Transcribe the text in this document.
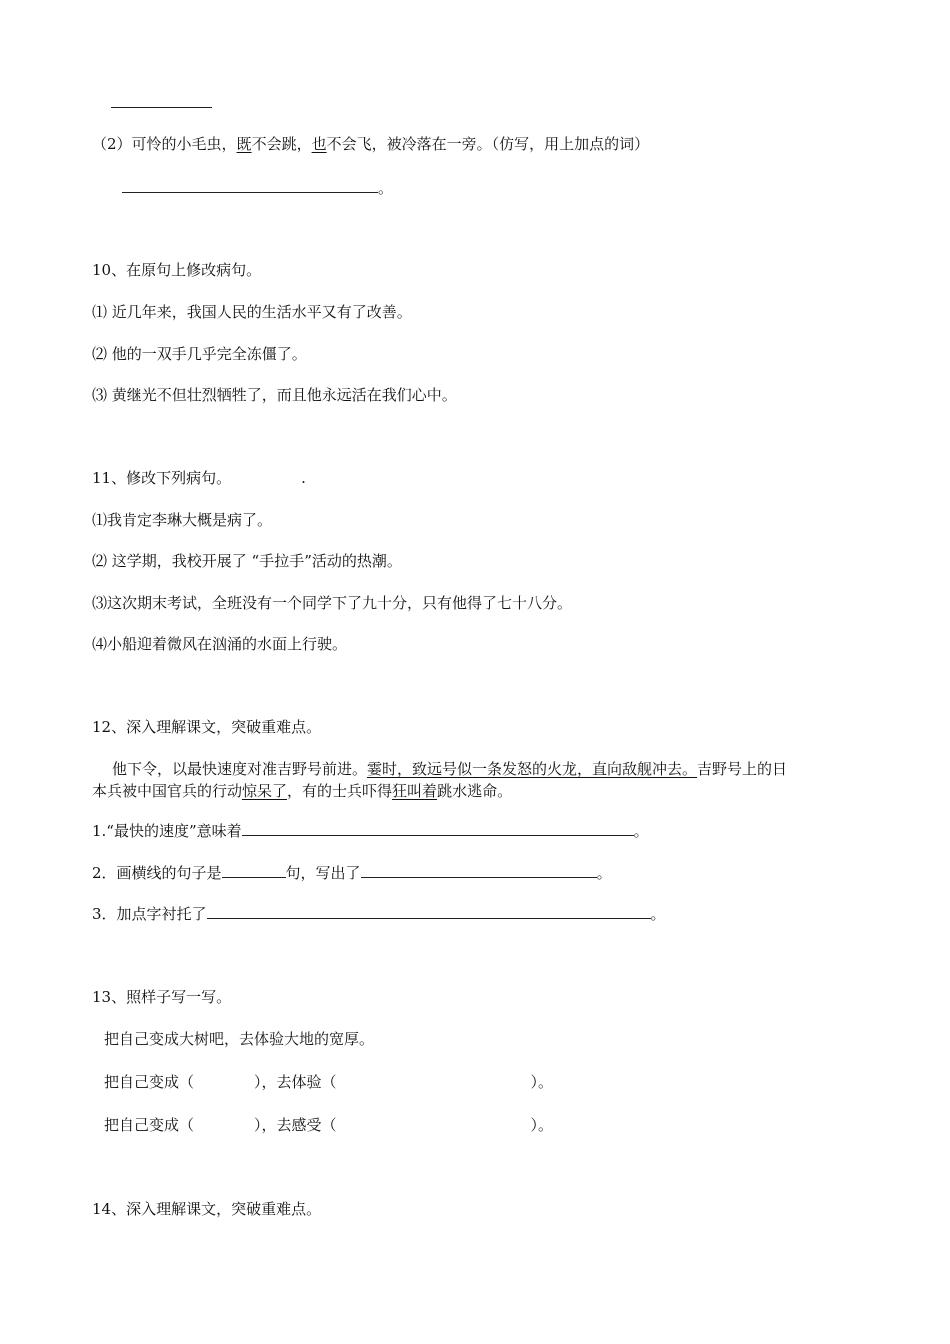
（2）可怜的小毛虫，既不会跳，也不会飞，被冷落在一旁。（仿写，用上加点的词）
。
10、在原句上修改病句。
⑴ 近几年来，我国人民的生活水平又有了改善。
⑵ 他的一双手几乎完全冻僵了。
⑶ 黄继光不但壮烈牺牲了，而且他永远活在我们心中。
11、修改下列病句。	.
⑴我肯定李琳大概是病了。
⑵ 这学期，我校开展了 “手拉手”活动的热潮。
⑶这次期末考试，全班没有一个同学下了九十分，只有他得了七十八分。
⑷小船迎着微风在汹涌的水面上行驶。
12、深入理解课文，突破重难点。
他下令，以最快速度对准吉野号前进。霎时，致远号似一条发怒的火龙，直向敌舰冲去。吉野号上的日
本兵被中国官兵的行动惊呆了，有的士兵吓得狂叫着跳水逃命。
1.“最快的速度”意味着	。
2．画横线的句子是	句，写出了	。
3．加点字衬托了	。
13、照样子写一写。
把自己变成大树吧，去体验大地的宽厚。
把自己变成（	），去体验（	）。
把自己变成（	），去感受（	）。
14、深入理解课文，突破重难点。
